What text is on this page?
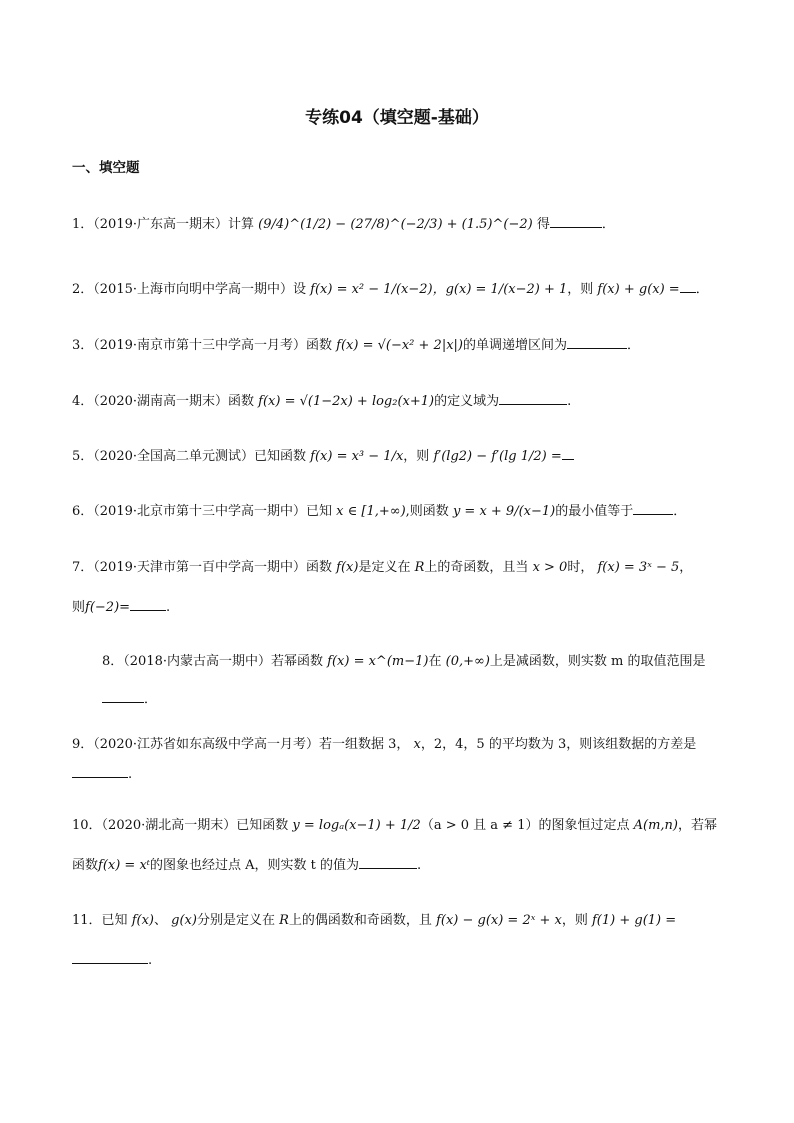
专练04（填空题-基础）
一、填空题
1．（2019·广东高一期末）计算 (9/4)^(1/2) − (27/8)^(−2/3) + (1.5)^(−2) 得	．
2．（2015·上海市向明中学高一期中）设 f(x) = x² − 1/(x−2)，g(x) = 1/(x−2) + 1，则 f(x) + g(x) = ．
3．（2019·南京市第十三中学高一月考）函数 f(x) = √(−x² + 2|x|)的单调递增区间为	．
4．（2020·湖南高一期末）函数 f(x) = √(1−2x) + log₂(x+1)的定义域为	.
5．（2020·全国高二单元测试）已知函数 f(x) = x³ − 1/x，则 f′(lg2) − f′(lg 1/2) =
6．（2019·北京市第十三中学高一期中）已知 x ∈ [1,+∞),则函数 y = x + 9/(x−1)的最小值等于	．
7．（2019·天津市第一百中学高一期中）函数 f(x)是定义在 R上的奇函数，且当 x > 0时， f(x) = 3ˣ − 5，
则f(−2)=	.
8．（2018·内蒙古高一期中）若幂函数 f(x) = x^(m−1)在 (0,+∞)上是减函数，则实数 m 的取值范围是
．
9．（2020·江苏省如东高级中学高一月考）若一组数据 3， x，2，4，5 的平均数为 3，则该组数据的方差是
.
10．（2020·湖北高一期末）已知函数 y = logₐ(x−1) + 1/2（a > 0 且 a ≠ 1）的图象恒过定点 A(m,n)，若幂
函数f(x) = xᵗ的图象也经过点 A，则实数 t 的值为	.
11．已知 f(x)、 g(x)分别是定义在 R上的偶函数和奇函数，且 f(x) − g(x) = 2ˣ + x，则 f(1) + g(1) =
.
